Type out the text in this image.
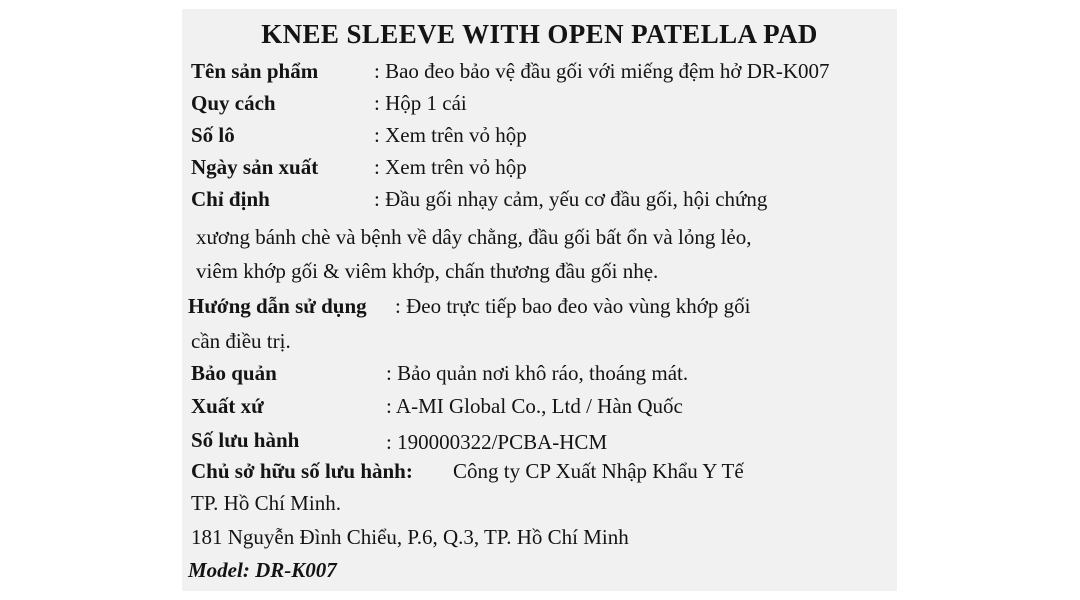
KNEE SLEEVE WITH OPEN PATELLA PAD
Tên sản phẩm	: Bao đeo bảo vệ đầu gối với miếng đệm hở DR-K007
Quy cách	: Hộp 1 cái
Số lô	: Xem trên vỏ hộp
Ngày sản xuất	: Xem trên vỏ hộp
Chỉ định	: Đầu gối nhạy cảm, yếu cơ đầu gối, hội chứng
xương bánh chè và bệnh về dây chằng, đầu gối bất ổn và lỏng lẻo,
viêm khớp gối & viêm khớp, chấn thương đầu gối nhẹ.
Hướng dẫn sử dụng : Đeo trực tiếp bao đeo vào vùng khớp gối
cần điều trị.
Bảo quản	: Bảo quản nơi khô ráo, thoáng mát.
Xuất xứ	: A-MI Global Co., Ltd / Hàn Quốc
Số lưu hành	: 190000322/PCBA-HCM
Chủ sở hữu số lưu hành: Công ty CP Xuất Nhập Khẩu Y Tế
TP. Hồ Chí Minh.
181 Nguyễn Đình Chiểu, P.6, Q.3, TP. Hồ Chí Minh
Model: DR-K007
